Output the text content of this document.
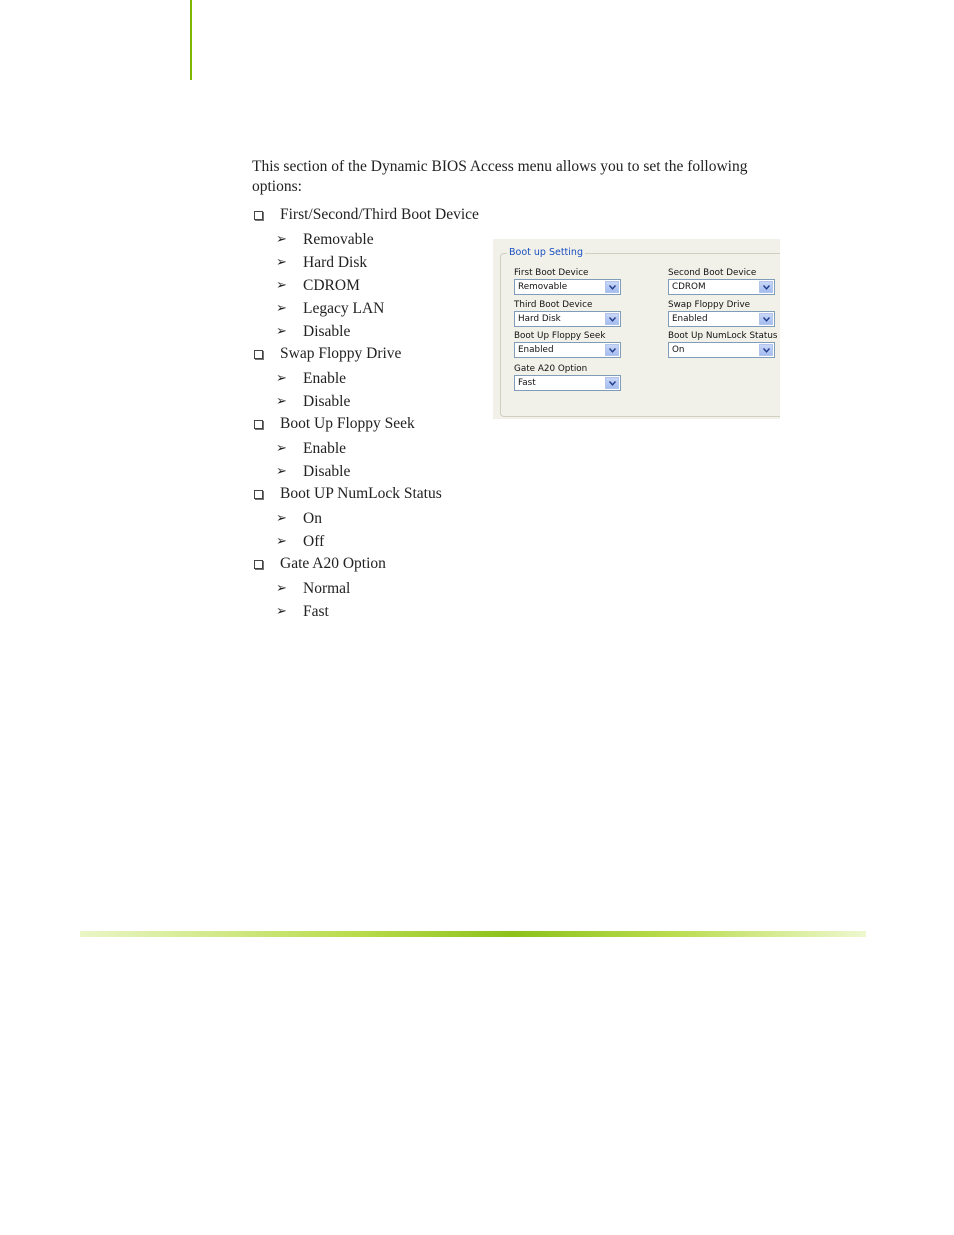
This section of the Dynamic BIOS Access menu allows you to set the following options:

First/Second/Third Boot Device
➢ Removable
➢ Hard Disk
➢ CDROM
➢ Legacy LAN
➢ Disable
Swap Floppy Drive
➢ Enable
➢ Disable
Boot Up Floppy Seek
➢ Enable
➢ Disable
Boot UP NumLock Status
➢ On
➢ Off
Gate A20 Option
➢ Normal
➢ Fast
Boot up Setting
First Boot Device
Removable
Second Boot Device
CDROM
Third Boot Device
Hard Disk
Swap Floppy Drive
Enabled
Boot Up Floppy Seek
Enabled
Boot Up NumLock Status
On
Gate A20 Option
Fast
